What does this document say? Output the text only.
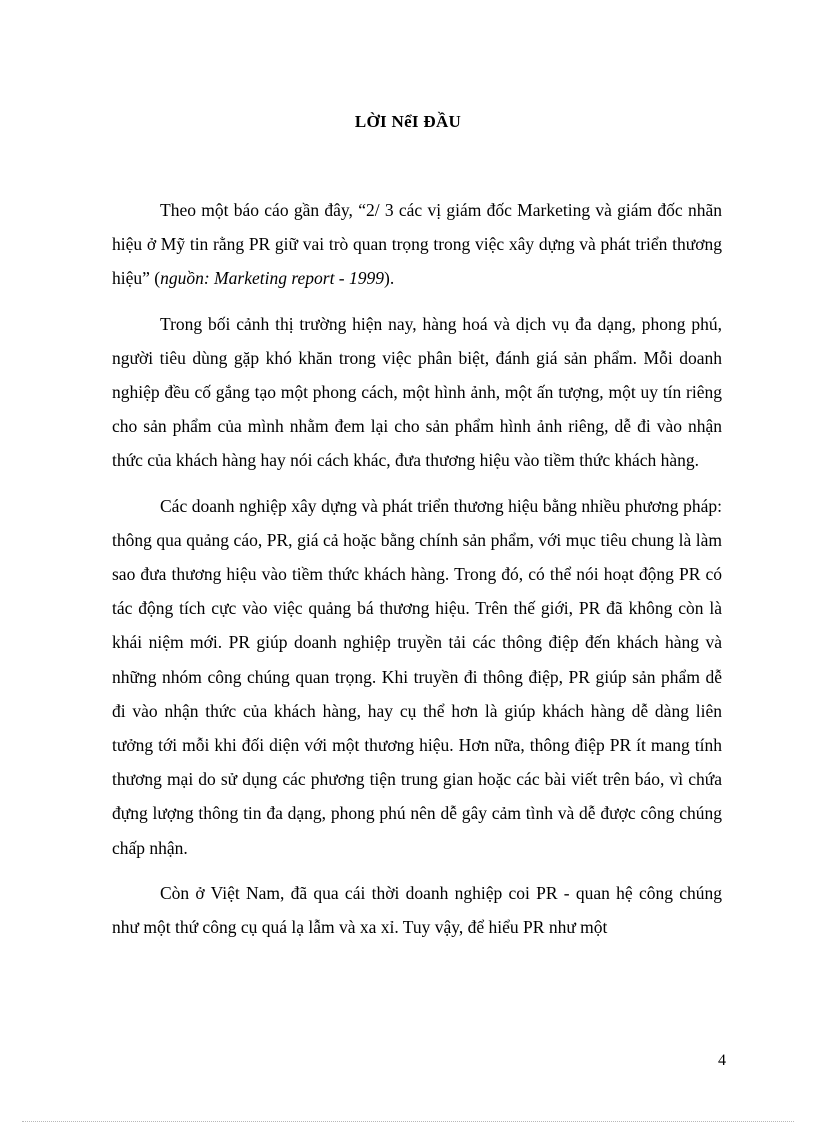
LỜI NểI ĐẦU

Theo một báo cáo gần đây, “2/ 3 các vị giám đốc Marketing và giám đốc nhãn hiệu ở Mỹ tin rằng PR giữ vai trò quan trọng trong việc xây dựng và phát triển thương hiệu” (nguồn: Marketing report - 1999).

Trong bối cảnh thị trường hiện nay, hàng hoá và dịch vụ đa dạng, phong phú, người tiêu dùng gặp khó khăn trong việc phân biệt, đánh giá sản phẩm. Mỗi doanh nghiệp đều cố gắng tạo một phong cách, một hình ảnh, một ấn tượng, một uy tín riêng cho sản phẩm của mình nhằm đem lại cho sản phẩm hình ảnh riêng, dễ đi vào nhận thức của khách hàng hay nói cách khác, đưa thương hiệu vào tiềm thức khách hàng.

Các doanh nghiệp xây dựng và phát triển thương hiệu bằng nhiều phương pháp: thông qua quảng cáo, PR, giá cả hoặc bằng chính sản phẩm, với mục tiêu chung là làm sao đưa thương hiệu vào tiềm thức khách hàng. Trong đó, có thể nói hoạt động PR có tác động tích cực vào việc quảng bá thương hiệu. Trên thế giới, PR đã không còn là khái niệm mới. PR giúp doanh nghiệp truyền tải các thông điệp đến khách hàng và những nhóm công chúng quan trọng. Khi truyền đi thông điệp, PR giúp sản phẩm dễ đi vào nhận thức của khách hàng, hay cụ thể hơn là giúp khách hàng dễ dàng liên tưởng tới mỗi khi đối diện với một thương hiệu. Hơn nữa, thông điệp PR ít mang tính thương mại do sử dụng các phương tiện trung gian hoặc các bài viết trên báo, vì chứa đựng lượng thông tin đa dạng, phong phú nên dễ gây cảm tình và dễ được công chúng chấp nhận.

Còn ở Việt Nam, đã qua cái thời doanh nghiệp coi PR - quan hệ công chúng như một thứ công cụ quá lạ lẫm và xa xỉ. Tuy vậy, để hiểu PR như một

4
